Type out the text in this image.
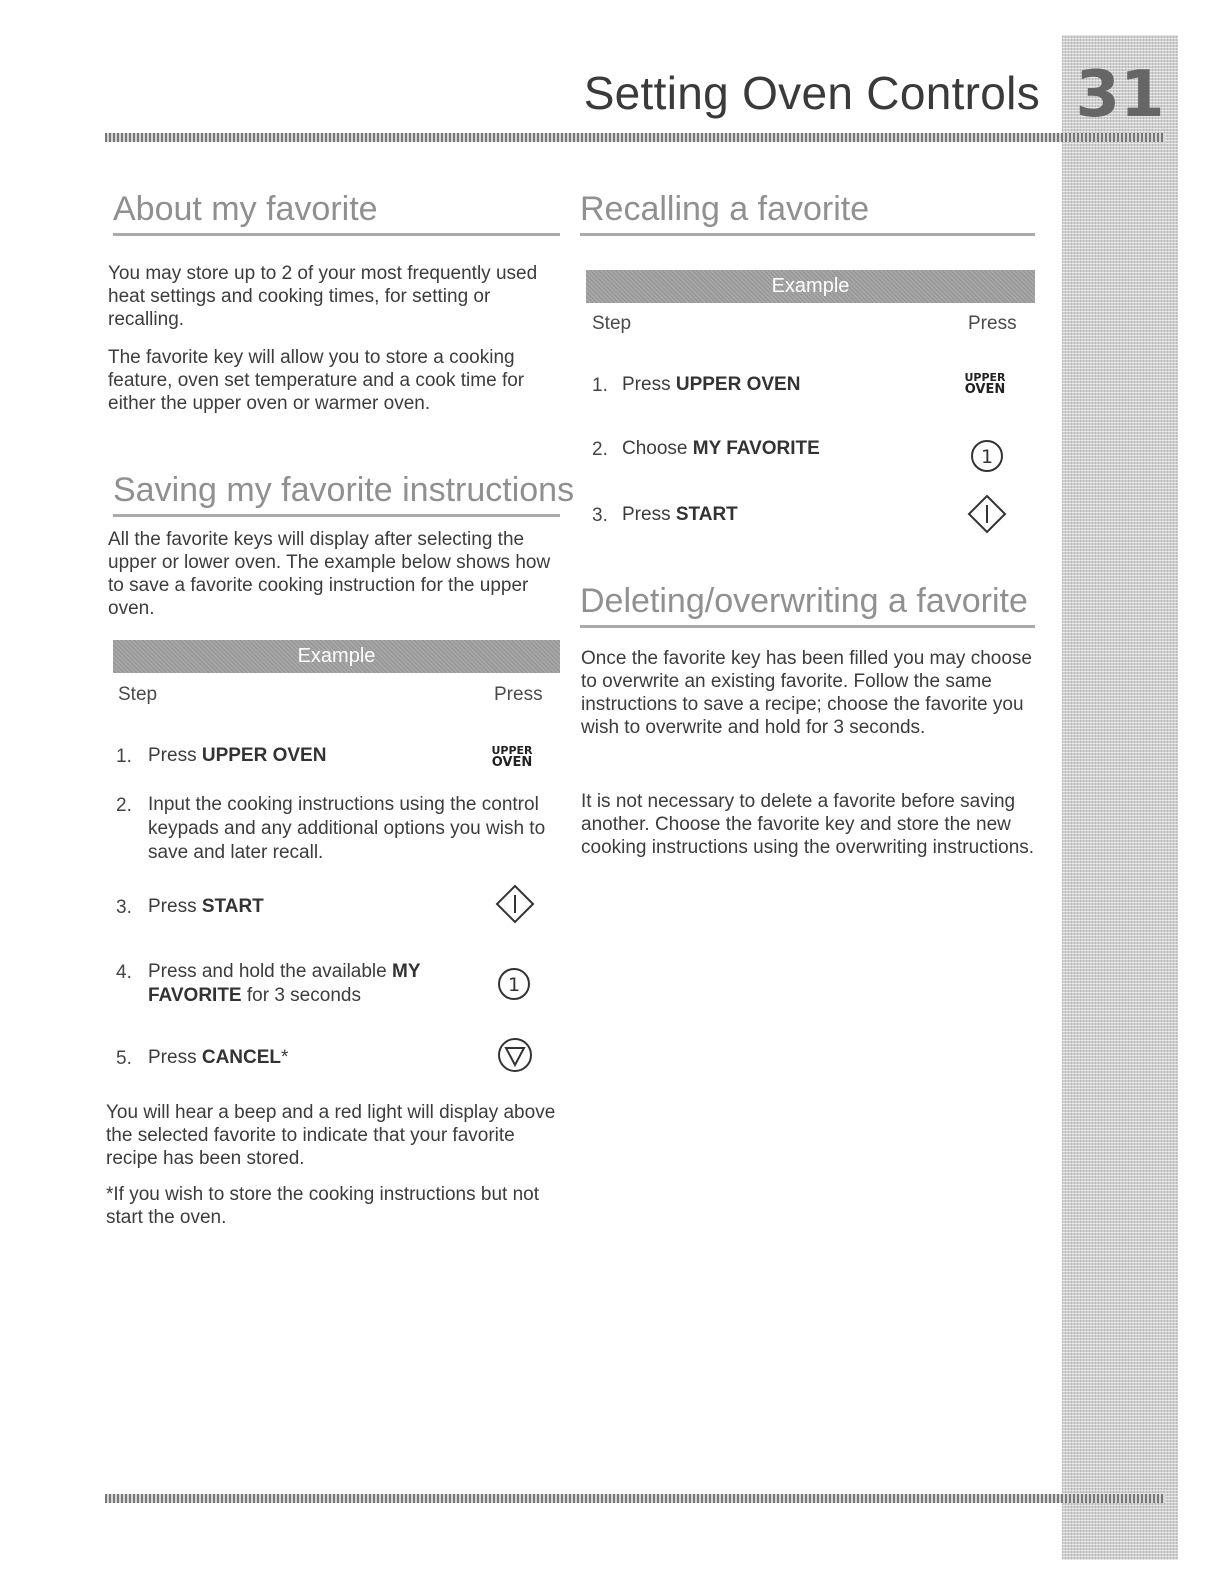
31
Setting Oven Controls
About my favorite
You may store up to 2 of your most frequently used heat settings and cooking times, for setting or recalling.
The favorite key will allow you to store a cooking feature, oven set temperature and a cook time for either the upper oven or warmer oven.
Saving my favorite instructions
All the favorite keys will display after selecting the upper or lower oven. The example below shows how to save a favorite cooking instruction for the upper oven.
Example
Step	Press
1. Press UPPER OVEN	UPPER
OVEN
2. Input the cooking instructions using the control keypads and any additional options you wish to save and later recall.
3. Press START
4. Press and hold the available MY FAVORITE for 3 seconds	1
5. Press CANCEL*
You will hear a beep and a red light will display above the selected favorite to indicate that your favorite recipe has been stored.
*If you wish to store the cooking instructions but not start the oven.
Recalling a favorite
Example
Step	Press
1. Press UPPER OVEN	UPPER
OVEN
2. Choose MY FAVORITE	1
3. Press START
Deleting/overwriting a favorite
Once the favorite key has been filled you may choose to overwrite an existing favorite. Follow the same instructions to save a recipe; choose the favorite you wish to overwrite and hold for 3 seconds.
It is not necessary to delete a favorite before saving another. Choose the favorite key and store the new cooking instructions using the overwriting instructions.
